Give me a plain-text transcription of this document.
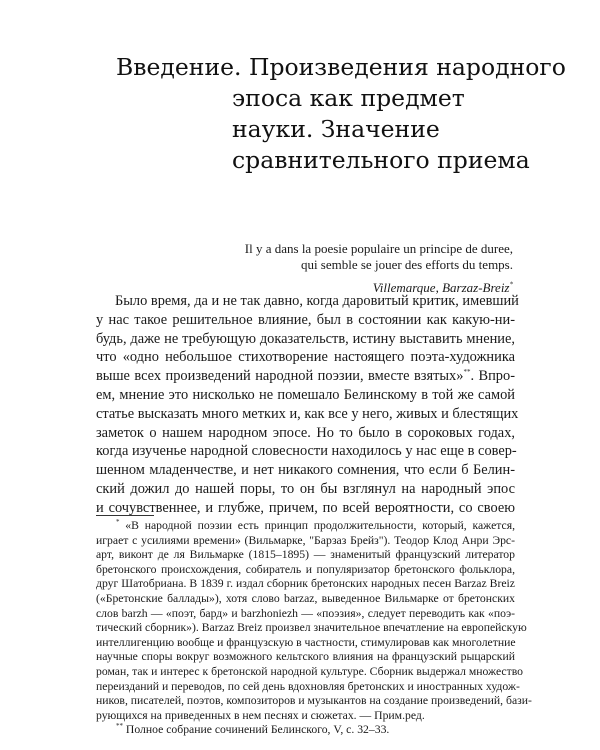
Введение. Произведения народного
эпоса как предмет
науки. Значение
сравнительного приема
Il y a dans la poesie populaire un principe de duree,
qui semble se jouer des efforts du temps.
Villemarque, Barzaz-Breiz*
Было время, да и не так давно, когда даровитый критик, имевший
у нас такое решительное влияние, был в состоянии как какую-ни-
будь, даже не требующую доказательств, истину выставить мнение,
что «одно небольшое стихотворение настоящего поэта-художника
выше всех произведений народной поэзии, вместе взятых»**. Впро-
ем, мнение это нисколько не помешало Белинскому в той же самой
статье высказать много метких и, как все у него, живых и блестящих
заметок о нашем народном эпосе. Но то было в сороковых годах,
когда изученье народной словесности находилось у нас еще в совер-
шенном младенчестве, и нет никакого сомнения, что если б Белин-
ский дожил до нашей поры, то он бы взглянул на народный эпос
и сочувственнее, и глубже, причем, по всей вероятности, со своею
* «В народной поэзии есть принцип продолжительности, который, кажется,
играет с усилиями времени» (Вильмарке, "Барзаз Брейз"). Теодор Клод Анри Эрс-
арт, виконт де ля Вильмарке (1815–1895) — знаменитый французский литератор
бретонского происхождения, собиратель и популяризатор бретонского фольклора,
друг Шатобриана. В 1839 г. издал сборник бретонских народных песен Barzaz Breiz
(«Бретонские баллады»), хотя слово barzaz, выведенное Вильмарке от бретонских
слов barzh — «поэт, бард» и barzhoniezh — «поэзия», следует переводить как «поэ-
тический сборник»). Barzaz Breiz произвел значительное впечатление на европейскую
интеллигенцию вообще и французскую в частности, стимулировав как многолетние
научные споры вокруг возможного кельтского влияния на французский рыцарский
роман, так и интерес к бретонской народной культуре. Сборник выдержал множество
переизданий и переводов, по сей день вдохновляя бретонских и иностранных худож-
ников, писателей, поэтов, композиторов и музыкантов на создание произведений, бази-
рующихся на приведенных в нем песнях и сюжетах. — Прим.ред.
** Полное собрание сочинений Белинского, V, с. 32–33.
